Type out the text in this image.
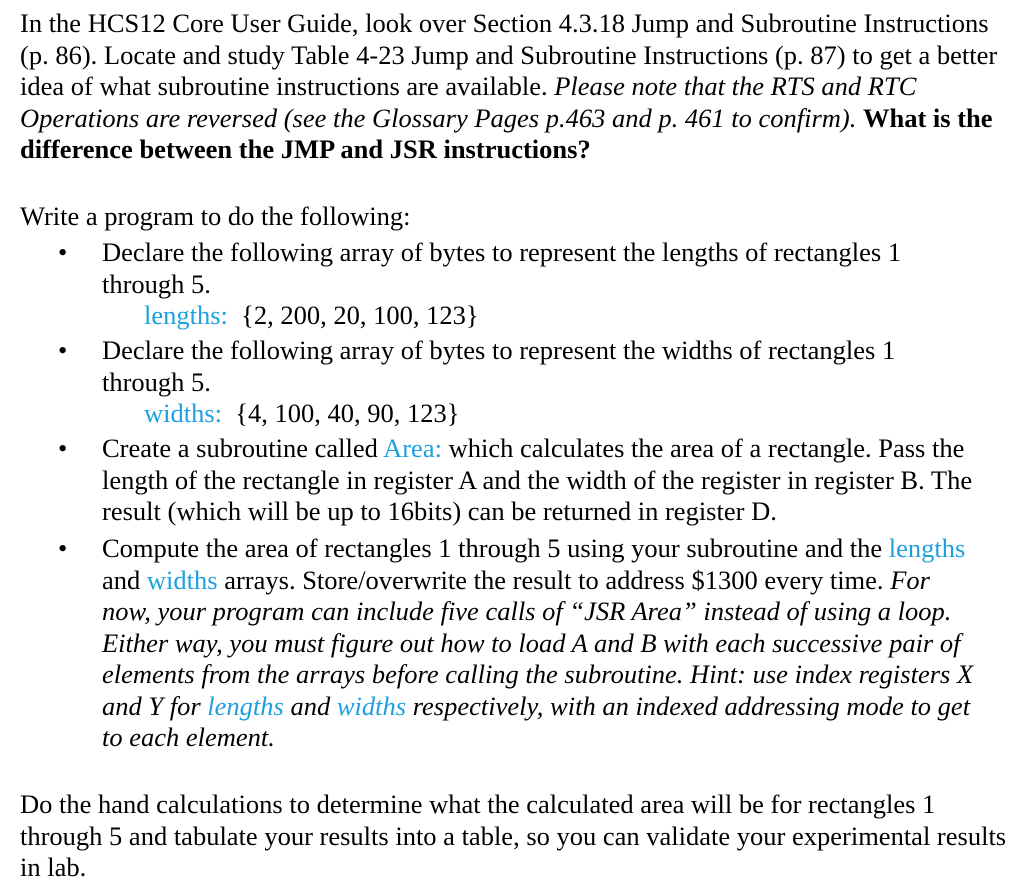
In the HCS12 Core User Guide, look over Section 4.3.18 Jump and Subroutine Instructions (p. 86). Locate and study Table 4-23 Jump and Subroutine Instructions (p. 87) to get a better idea of what subroutine instructions are available. Please note that the RTS and RTC Operations are reversed (see the Glossary Pages p.463 and p. 461 to confirm). What is the difference between the JMP and JSR instructions?

Write a program to do the following:

• Declare the following array of bytes to represent the lengths of rectangles 1 through 5.
lengths: {2, 200, 20, 100, 123}
• Declare the following array of bytes to represent the widths of rectangles 1 through 5.
widths: {4, 100, 40, 90, 123}
• Create a subroutine called Area: which calculates the area of a rectangle. Pass the length of the rectangle in register A and the width of the register in register B. The result (which will be up to 16bits) can be returned in register D.
• Compute the area of rectangles 1 through 5 using your subroutine and the lengths and widths arrays. Store/overwrite the result to address $1300 every time. For now, your program can include five calls of “JSR Area” instead of using a loop. Either way, you must figure out how to load A and B with each successive pair of elements from the arrays before calling the subroutine. Hint: use index registers X and Y for lengths and widths respectively, with an indexed addressing mode to get to each element.

Do the hand calculations to determine what the calculated area will be for rectangles 1 through 5 and tabulate your results into a table, so you can validate your experimental results in lab.
